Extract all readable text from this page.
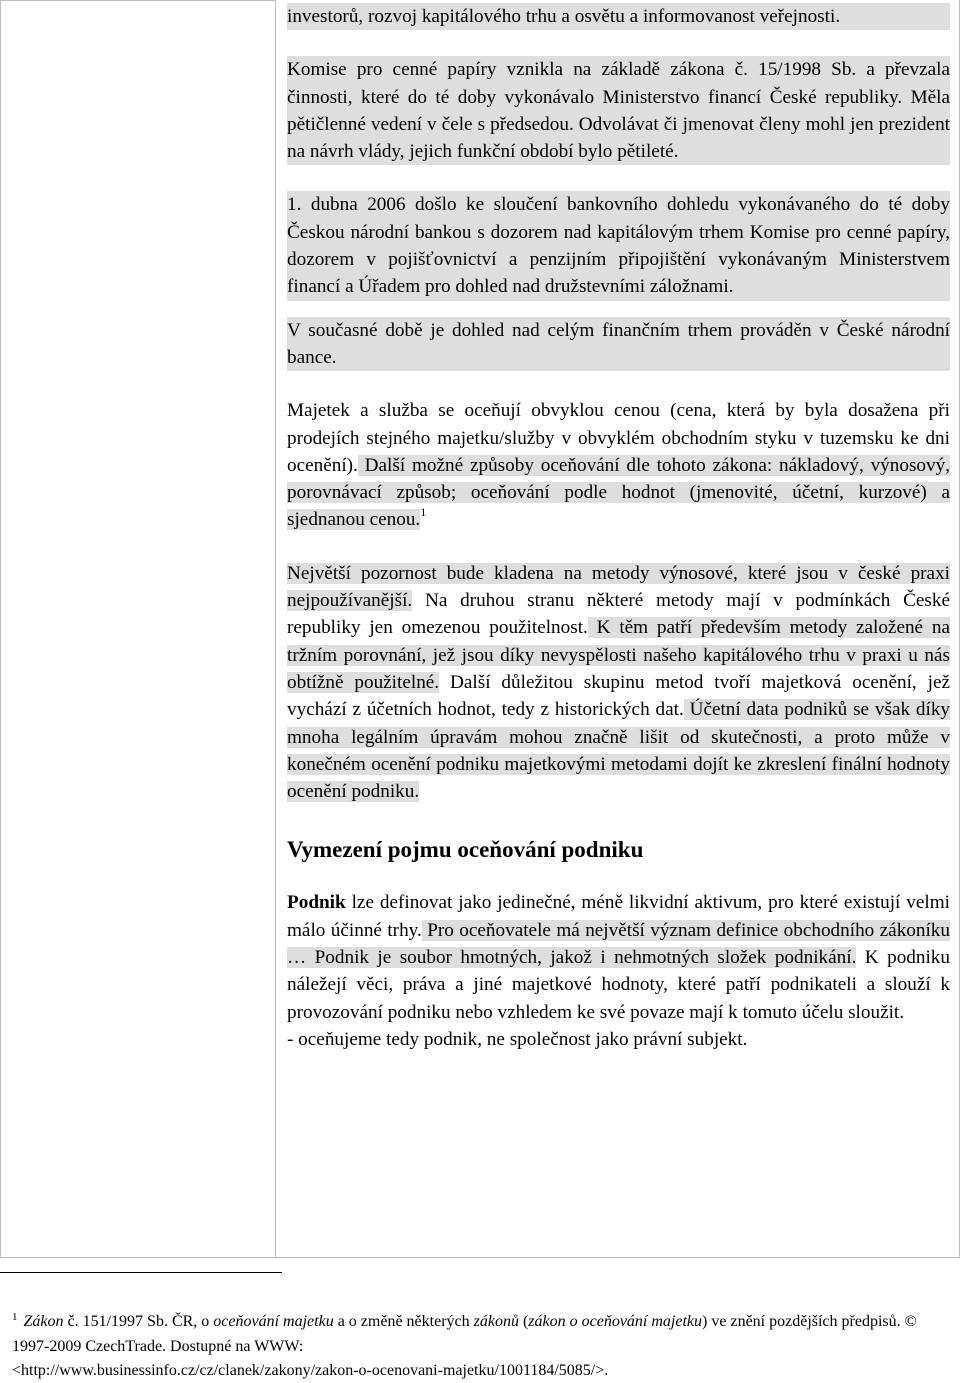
investorů, rozvoj kapitálového trhu a osvětu a informovanost veřejnosti.

Komise pro cenné papíry vznikla na základě zákona č. 15/1998 Sb. a převzala činnosti, které do té doby vykonávalo Ministerstvo financí České republiky. Měla pětičlenné vedení v čele s předsedou. Odvolávat či jmenovat členy mohl jen prezident na návrh vlády, jejich funkční období bylo pětileté.

1. dubna 2006 došlo ke sloučení bankovního dohledu vykonávaného do té doby Českou národní bankou s dozorem nad kapitálovým trhem Komise pro cenné papíry, dozorem v pojišťovnictví a penzijním připojištění vykonávaným Ministerstvem financí a Úřadem pro dohled nad družstevními záložnami.

V současné době je dohled nad celým finančním trhem prováděn v České národní bance.

Majetek a služba se oceňují obvyklou cenou (cena, která by byla dosažena při prodejích stejného majetku/služby v obvyklém obchodním styku v tuzemsku ke dni ocenění). Další možné způsoby oceňování dle tohoto zákona: nákladový, výnosový, porovnávací způsob; oceňování podle hodnot (jmenovité, účetní, kurzové) a sjednanou cenou.$^1$

Největší pozornost bude kladena na metody výnosové, které jsou v české praxi nejpoužívanější. Na druhou stranu některé metody mají v podmínkách České republiky jen omezenou použitelnost. K těm patří především metody založené na tržním porovnání, jež jsou díky nevyspělosti našeho kapitálového trhu v praxi u nás obtížně použitelné. Další důležitou skupinu metod tvoří majetková ocenění, jež vychází z účetních hodnot, tedy z historických dat. Účetní data podniků se však díky mnoha legálním úpravám mohou značně lišit od skutečnosti, a proto může v konečném ocenění podniku majetkovými metodami dojít ke zkreslení finální hodnoty ocenění podniku.

Vymezení pojmu oceňování podniku

Podnik lze definovat jako jedinečné, méně likvidní aktivum, pro které existují velmi málo účinné trhy. Pro oceňovatele má největší význam definice obchodního zákoníku … Podnik je soubor hmotných, jakož i nehmotných složek podnikání. K podniku náležejí věci, práva a jiné majetkové hodnoty, které patří podnikateli a slouží k provozování podniku nebo vzhledem ke své povaze mají k tomuto účelu sloužit.

- oceňujeme tedy podnik, ne společnost jako právní subjekt.

$^1$ Zákon č. 151/1997 Sb. ČR, o oceňování majetku a o změně některých zákonů (zákon o oceňování majetku) ve znění pozdějších předpisů. © 1997-2009 CzechTrade. Dostupné na WWW:
<http://www.businessinfo.cz/cz/clanek/zakony/zakon-o-ocenovani-majetku/1001184/5085/>.
